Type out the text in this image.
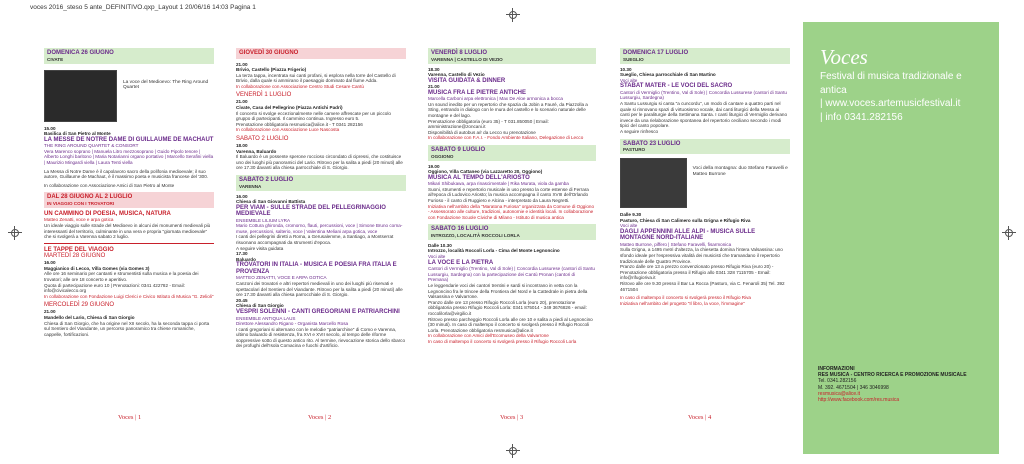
voces 2016_steso 5 ante_DEFINITIVO.qxp_Layout 1 20/06/16 14:03 Pagina 1
DOMENICA 26 GIUGNO
CIVATE
La voce del Medioevo: The Ring Around Quartet
15.00
Basilica di San Pietro al Monte
LA MESSE DE NOTRE DAME DI GUILLAUME DE MACHAUT
THE RING AROUND QUARTET & CONSORT
Vera Marenco soprano | Manuela Litro mezzosoprano | Guido Pipolo tenore | Alberto Longhi baritono | Maria Notarianni organo portativo | Marcello Serafini viella | Maurizio Mingardi viella | Laura Tenti viella
La Messa di Notre Dame è il capolavoro sacro della polifonia medioevale; il suo autore, Guillaume de Machaut, è il massimo poeta e musicista francese del '300.
In collaborazione con Associazione Amici di San Pietro al Monte
DAL 28 GIUGNO AL 2 LUGLIO
IN VIAGGIO CON I TROVATORI
UN CAMMINO DI POESIA, MUSICA, NATURA
Matteo Zenatti, voce e arpa gotica
Un ideale viaggio sulle strade del Medioevo in alcuni dei monumenti medievali più interessanti del territorio, culminante in una vera e propria "giornata medioevale" che si svolgerà a Varenna sabato 2 luglio.
LE TAPPE DEL VIAGGIO
MARTEDÌ 28 GIUGNO
16.00
Maggianico di Lecco, Villa Gomes (via Gomes 3)
Alle ore 16 seminario per cantanti e strumentisti sulla musica e la poesia dei trovatori; alle ore 18 concerto e aperitivo.
Quota di partecipazione euro 10 | Prenotazioni: 0341 422782 - Email: info@civicalecco.org
In collaborazione con Fondazione Luigi Clerici e Civico Istituto di Musica "G. Zelioli"
MERCOLEDÌ 29 GIUGNO
21.00
Mandello del Lario, Chiesa di San Giorgio
Chiesa di San Giorgio, che ha origine nel XII secolo, ha la seconda tappa ci porta sul Sentiero del Viandante, un percorso panoramico tra chiese romaniche, cappelle, fortificazioni.
GIOVEDÌ 30 GIUGNO
21.00
Brivio, Castello (Piazza Frigerio)
La terza tappa, incentrata sui canti profani, si esplora nella torre del Castello di Brivio, dalla quale si ammirano il paesaggio dominato dal fiume Adda.
In collaborazione con Associazione Centro Studi Cesare Cantù
VENERDÌ 1 LUGLIO
21.00
Civate, Casa del Pellegrino (Piazza Antichi Padri)
Il concerto si svolge eccezionalmente nelle camere affrescate per un piccolo gruppo di partecipanti. Il cammino continua. Ingresso euro 5.
Prenotazione obbligatoria resmusica@alice.it - T 0341 282156
In collaborazione con Associazione Luce Nascosta
SABATO 2 LUGLIO
18.00
Varenna, Baluardo
Il Baluardo è un possente sperone roccioso circondato di cipressi, che costituisce uno dei luoghi più panoramici del Lario. Ritrovo per la salita a piedi (20 minuti) alle ore 17.30 davanti alla chiesa parrocchiale di S. Giorgio.
SABATO 2 LUGLIO
VARENNA
16.00
Chiesa di San Giovanni Battista
PER VIAM - SULLE STRADE DEL PELLEGRINAGGIO MEDIEVALE
ENSEMBLE LILIUM LYRA
Mario Cottura ghironda, cromorno, flauti, percussioni, voce | Simone Bruno corna-muse, percussioni, salterio, voce | Valentina Meliani arpa gotica, voce
I canti dei pellegrini diretti a Roma, a Gerusalemme, a Santiago, a Montserrat risuonano accompagnati da strumenti d'epoca.
A seguire visita guidata
17.30
Baluardo
TROVATORI IN ITALIA - MUSICA E POESIA FRA ITALIA E PROVENZA
MATTEO ZENATTI, VOCE E ARPA GOTICA
Canzoni dei trovatori e altri repertori medievali in uno dei luoghi più riservati e spettacolari del Sentiero del Viandante. Ritrovo per la salita a piedi (20 minuti) alle ore 17.30 davanti alla chiesa parrocchiale di S. Giorgio.
20.45
Chiesa di San Giorgio
VESPRI SOLENNI - CANTI GREGORIANI E PATRIARCHINI
ENSEMBLE ANTIQUA LAUS
Direttore Alessandro Rigano - Organista Marcello Rosa
I canti gregoriani si alternano con le melodie "patriarchine" di Como e Varenna, ultimo baluardo di resistenza, fra XVI e XVII secolo, al tempo delle riforme soppressive sotto di questo antico rito. Al termine, rievocazione storica dello sbarco dei profughi dell'Isola Comacina e fuochi d'artificio.
VENERDÌ 8 LUGLIO
VARENNA | CASTELLO DI VEZIO
18.30
Varenna, Castello di Vezio
VISITA GUIDATA & DINNER
21.00
MUSICA FRA LE PIETRE ANTICHE
Marcella Carboni arpa elettronica | Max De Aloe armonica a bocca
Un sound inedito per un repertorio che spazia da Jobin a Fauré, da Piazzolla a Sting, entrando in dialogo con le mura del castello e lo scenario naturale delle montagne e del lago.
Prenotazione obbligatoria (euro 35) - T 031.850050 | Email: amministrazione@zoncani.it
Disponibilità di autobus a/r da Lecco su prenotazione
In collaborazione con F.A.I. - Fondo Ambiente Italiano, Delegazione di Lecco
SABATO 9 LUGLIO
OGGIONO
19.00
Oggiono, Villa Cattaneo (via Lazzaretto 20, Oggiono)
MUSICA AL TEMPO DELL'ARIOSTO
Mikari Shibukawa, arpa rinascimentale | Rika Murata, viola da gamba
Suoni, strumenti e repertorio musicale in uso presso la corte estense di Ferrara all'epoca di Ludovico Ariosto; la musica accompagna il canto XVIII dell'Orlando Furioso - il canto di Ruggiero e Alcina - interpretato da Laura Negretti.
Iniziativa nell'ambito della "Maratona Furiosa" organizzata da Comune di Oggiono - Assessorato alle culture, tradizioni, autonomie e identità locali. In collaborazione con Fondazione Scuole Civiche di Milano - Istituto di musica antica
SABATO 16 LUGLIO
INTROZZO, LOCALITÀ ROCCOLI LORLA
Dalle 10.30
Introzzo, località Roccoli Lorla - Cima del Monte Legnoncino
Voci alte
LA VOCE E LA PIETRA
Cantori di Vermiglio (Trentino, Val di Sole) | Concordia Lussurese (cantori di Santu Lussurgiu, Sardegna) con la partecipazione dei Cantù Pronan (cantori di Premana)
Le leggendarie voci dei cantori trentini e sardi si incontrano in vetta con la Legnoncino fra le trincee della Frontiera del Nord e la Cattedrale in pietra della Valsassina e Valvarrone.
Pranzo dalle ore 13 presso Rifugio Roccoli Lorla (euro 20), prenotazione obbligatoria presso Rifugio Roccoli Lorla: 0341 875014 - 349 3676826 - email: roccolilorla@virgilio.it
Ritrovo presso parcheggio Roccoli Lorla alle ore 10 e salita a piedi al Legnoncino (30 minuti). In caso di maltempo il concerto si svolgerà presso il Rifugio Roccoli Lorla. Prenotazione obbligatoria resmusica@alice.it
In collaborazione con Amici dell'Ecomuseo della Valvarrone
In caso di maltempo il concerto si svolgerà presso il Rifugio Roccoli Lorla
DOMENICA 17 LUGLIO
SUEGLIO
10.30
Sueglio, Chiesa parrocchiale di San Martino
Voci alte
STABAT MATER - LE VOCI DEL SACRO
Cantori di Vermiglio (Trentino, Val di Sole) | Concordia Lussurese (cantori di Santu Lussurgiu, Sardegna)
A Santu Lussurgiu si canta "a cuncordu", un modo di cantare a quattro parti nel quale si rinnovano spazi di virtuosismo vocale, dai canti liturgici della Messa ai canti per le paraliturgie della Settimana Santa. I canti liturgici di Vermiglio derivano invece da una rielaborazione spontanea del repertorio ceciliano secondo i modi tipici del canto popolare.
A seguire rinfresco
SABATO 23 LUGLIO
PASTURO
Voci della montagna: duo Stefano Faravelli e Matteo Burrone
Dalle 9.30
Pasturo, Chiesa di San Calimero sulla Grigna e Rifugio Riva
Voci alte
DAGLI APPENNINI ALLE ALPI - MUSICA SULLE MONTAGNE NORD-ITALIANE
Matteo Burrone, piffero | Stefano Faravelli, fisarmonica
Sulla Grigna, a 1495 metri d'altezza, la chiesetta domina l'intera Valsassina: uno sfondo ideale per l'espressiva vitalità dei musicisti che tramandano il repertorio tradizionale delle Quattro Province.
Pranzo dalle ore 13 a prezzo convenzionato presso Rifugio Riva (euro 20) - Prenotazione obbligatoria presso il Rifugio allo 0341 328 7115705 - Email: info@rifugioriva.it
Ritrovo alle ore 9.30 presso il Bar La Rocca (Pasturo, via C. Fenaroli 35) Tel. 392 4671504
In caso di maltempo il concerto si svolgerà presso il Rifugio Riva
Iniziativa nell'ambito del progetto "Il libro, la voce, l'immagine"
Voces | 1	Voces | 2	Voces | 3	Voces | 4
Voces
Festival di musica tradizionale e antica
| www.voces.artemusicfestival.it
| info 0341.282156
INFORMAZIONI
RES MUSICA - CENTRO RICERCA E PROMOZIONE MUSICALE
Tel. 0341.282156
M. 392. 4671504 | 346 3046998
resmusica@alice.it
http://www.facebook.com/res.musica
